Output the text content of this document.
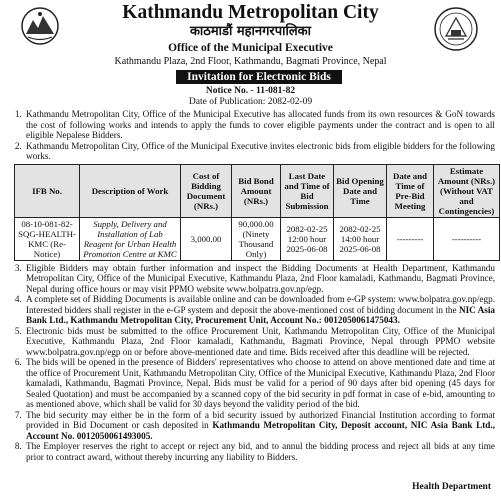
Kathmandu Metropolitan City
काठमाडौं महानगरपालिका
Office of the Municipal Executive
Kathmandu Plaza, 2nd Floor, Kathmandu, Bagmati Province, Nepal
Invitation for Electronic Bids
Notice No. - 11-081-82
Date of Publication: 2082-02-09
1. Kathmandu Metropolitan City, Office of the Municipal Executive has allocated funds from its own resources & GoN towards the cost of following works and intends to apply the funds to cover eligible payments under the contract and is open to all eligible Nepalese Bidders.
2. Kathmandu Metropolitan City, Office of the Municipal Executive invites electronic bids from eligible bidders for the following works.
IFB No.	Description of Work	Cost of Bidding Document (NRs.)	Bid Bond Amount (NRs.)	Last Date and Time of Bid Submission	Bid Opening Date and Time	Date and Time of Pre-Bid Meeting	Estimate Amount (NRs.) (Without VAT and Contingencies)
08-10-081-82-SQG-HEALTH-KMC (Re-Notice)	Supply, Delivery and Installation of Lab Reagent for Urban Health Promotion Centre at KMC	3,000.00	90,000.00 (Ninety Thousand Only)	2082-02-25 12:00 hour 2025-06-08	2082-02-25 14:00 hour 2025-06-08	---------	----------
3. Eligible Bidders may obtain further information and inspect the Bidding Documents at Health Department, Kathmandu Metropolitan City, Office of the Municipal Executive, Kathmandu Plaza, 2nd Floor kamaladi, Kathmandu, Bagmati Province, Nepal during office hours or may visit PPMO website www.bolpatra.gov.np/egp.
4. A complete set of Bidding Documents is available online and can be downloaded from e-GP system: www.bolpatra.gov.np/egp. Interested bidders shall register in the e-GP system and deposit the above-mentioned cost of bidding document in the NIC Asia Bank Ltd., Kathmandu Metropolitan City, Procurement Unit, Account No.: 0012050061475043.
5. Electronic bids must be submitted to the office Procurement Unit, Kathmandu Metropolitan City, Office of the Municipal Executive, Kathmandu Plaza, 2nd Floor kamaladi, Kathmandu, Bagmati Province, Nepal through PPMO website www.bolpatra.gov.np/egp on or before above-mentioned date and time. Bids received after this deadline will be rejected.
6. The bids will be opened in the presence of Bidders' representatives who choose to attend on above mentioned date and time at the office of Procurement Unit, Kathmandu Metropolitan City, Office of the Municipal Executive, Kathmandu Plaza, 2nd Floor kamaladi, Kathmandu, Bagmati Province, Nepal. Bids must be valid for a period of 90 days after bid opening (45 days for Sealed Quotation) and must be accompanied by a scanned copy of the bid security in pdf format in case of e-bid, amounting to as mentioned above, which shall be valid for 30 days beyond the validity period of the bid.
7. The bid security may either be in the form of a bid security issued by authorized Financial Institution according to format provided in Bid Document or cash deposited in Kathmandu Metropolitan City, Deposit account, NIC Asia Bank Ltd., Account No. 0012050061493005.
8. The Employer reserves the right to accept or reject any bid, and to annul the bidding process and reject all bids at any time prior to contract award, without thereby incurring any liability to Bidders.
Health Department
